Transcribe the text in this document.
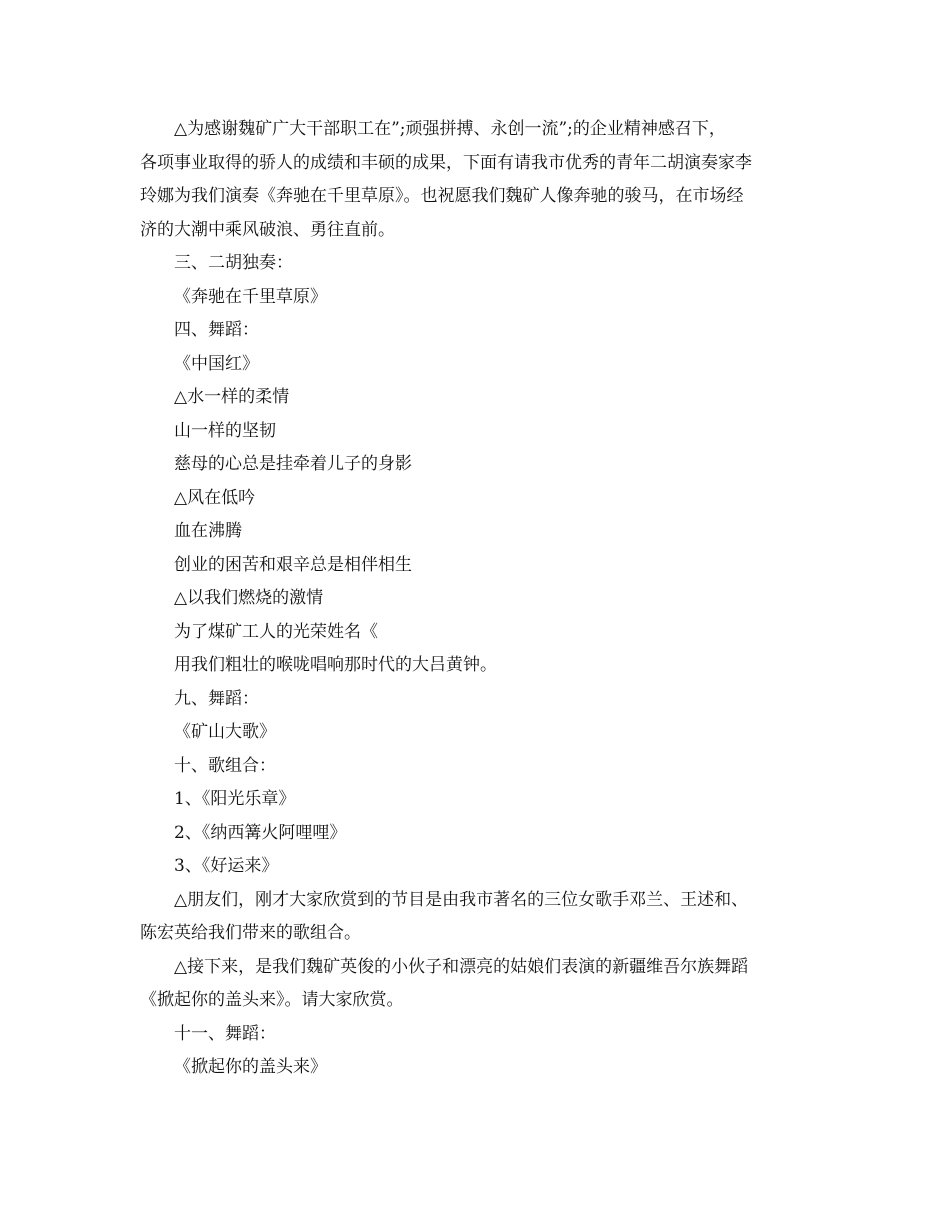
△为感谢魏矿广大干部职工在”;顽强拼搏、永创一流”;的企业精神感召下，
各项事业取得的骄人的成绩和丰硕的成果，下面有请我市优秀的青年二胡演奏家李
玲娜为我们演奏《奔驰在千里草原》。也祝愿我们魏矿人像奔驰的骏马，在市场经
济的大潮中乘风破浪、勇往直前。
三、二胡独奏：
《奔驰在千里草原》
四、舞蹈：
《中国红》
△水一样的柔情
山一样的坚韧
慈母的心总是挂牵着儿子的身影
△风在低吟
血在沸腾
创业的困苦和艰辛总是相伴相生
△以我们燃烧的激情
为了煤矿工人的光荣姓名《
用我们粗壮的喉咙唱响那时代的大吕黄钟。
九、舞蹈：
《矿山大歌》
十、歌组合：
1、《阳光乐章》
2、《纳西篝火阿哩哩》
3、《好运来》
△朋友们，刚才大家欣赏到的节目是由我市著名的三位女歌手邓兰、王述和、
陈宏英给我们带来的歌组合。
△接下来，是我们魏矿英俊的小伙子和漂亮的姑娘们表演的新疆维吾尔族舞蹈
《掀起你的盖头来》。请大家欣赏。
十一、舞蹈：
《掀起你的盖头来》
